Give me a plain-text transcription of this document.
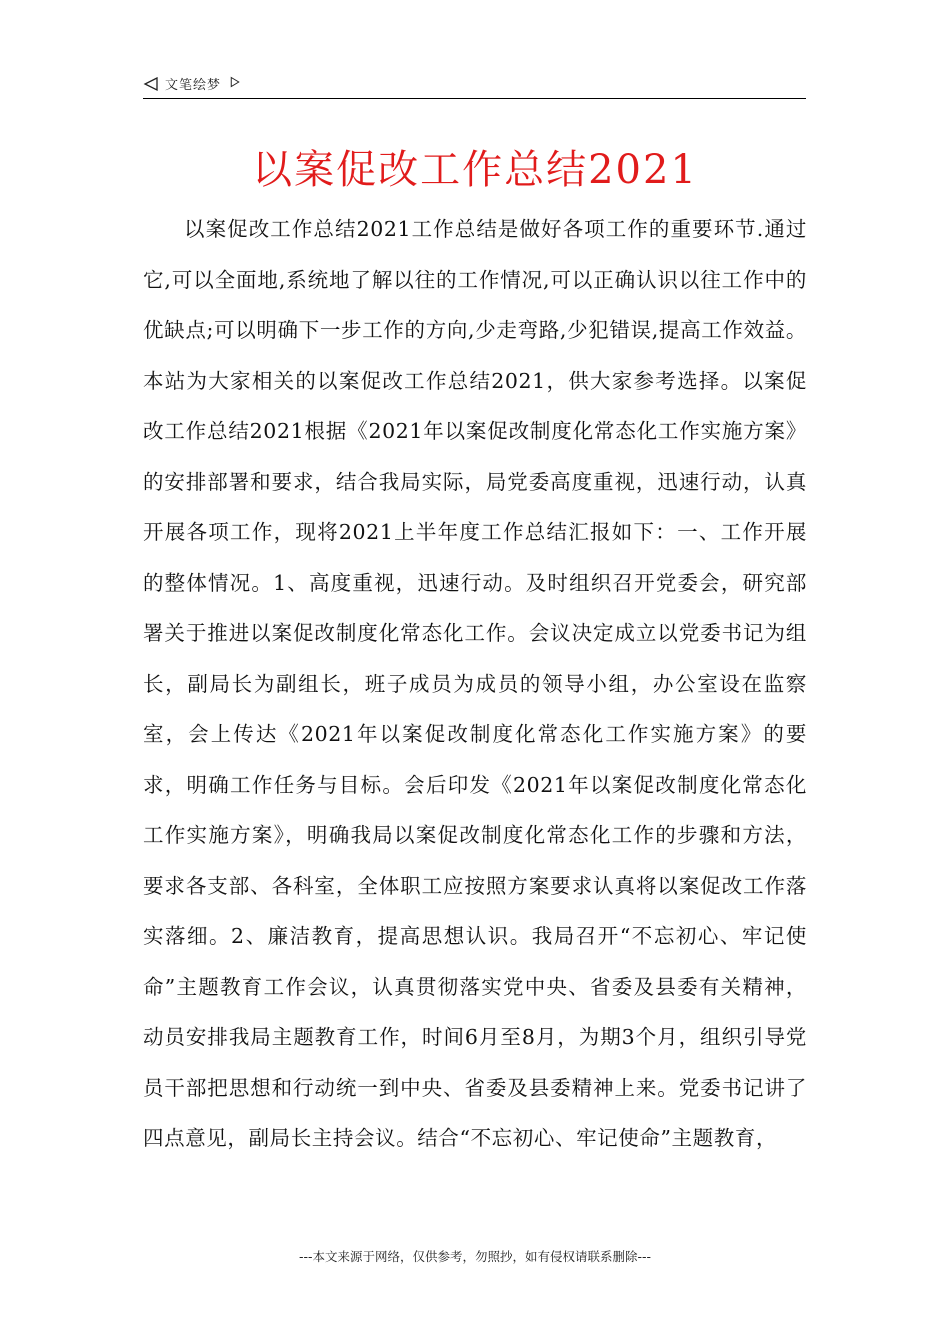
文笔绘梦
以案促改工作总结2021

以案促改工作总结2021工作总结是做好各项工作的重要环节.通过它,可以全面地,系统地了解以往的工作情况,可以正确认识以往工作中的优缺点;可以明确下一步工作的方向,少走弯路,少犯错误,提高工作效益。本站为大家相关的以案促改工作总结2021，供大家参考选择。以案促改工作总结2021根据《2021年以案促改制度化常态化工作实施方案》的安排部署和要求，结合我局实际，局党委高度重视，迅速行动，认真开展各项工作，现将2021上半年度工作总结汇报如下：一、工作开展的整体情况。1、高度重视，迅速行动。及时组织召开党委会，研究部署关于推进以案促改制度化常态化工作。会议决定成立以党委书记为组长，副局长为副组长，班子成员为成员的领导小组，办公室设在监察室，会上传达《2021年以案促改制度化常态化工作实施方案》的要求，明确工作任务与目标。会后印发《2021年以案促改制度化常态化工作实施方案》，明确我局以案促改制度化常态化工作的步骤和方法，要求各支部、各科室，全体职工应按照方案要求认真将以案促改工作落实落细。2、廉洁教育，提高思想认识。我局召开“不忘初心、牢记使命”主题教育工作会议，认真贯彻落实党中央、省委及县委有关精神，动员安排我局主题教育工作，时间6月至8月，为期3个月，组织引导党员干部把思想和行动统一到中央、省委及县委精神上来。党委书记讲了四点意见，副局长主持会议。结合“不忘初心、牢记使命”主题教育，

---本文来源于网络，仅供参考，勿照抄，如有侵权请联系删除---
